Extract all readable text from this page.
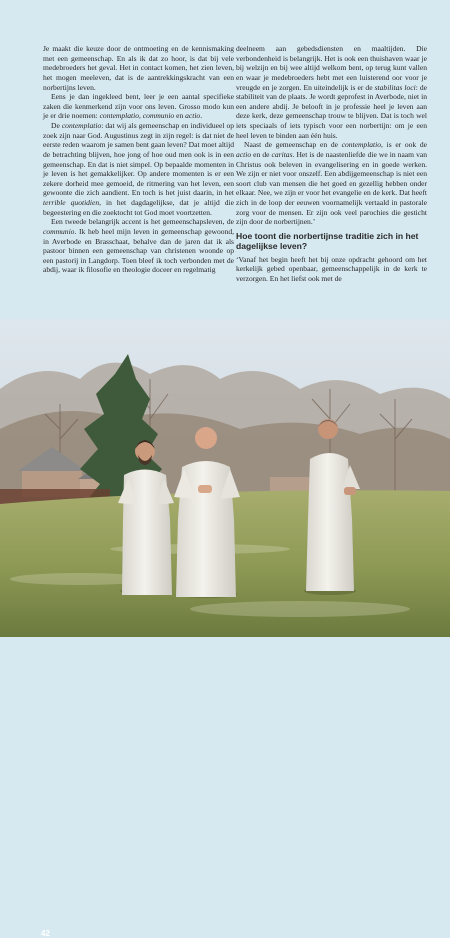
Je maakt die keuze door de ontmoeting en de kennismaking met een gemeenschap. En als ik dat zo hoor, is dat bij vele medebroeders het geval. Het in contact komen, het zien leven, het mogen meeleven, dat is de aantrekkingskracht van een norbertijns leven.

Eens je dan ingekleed bent, leer je een aantal specifieke zaken die kenmerkend zijn voor ons leven. Grosso modo kun je er drie noemen: contemplatio, communio en actio.

De contemplatio: dat wij als gemeenschap en individueel op zoek zijn naar God. Augustinus zegt in zijn regel: is dat niet de eerste reden waarom je samen bent gaan leven? Dat moet altijd de betrachting blijven, hoe jong of hoe oud men ook is in een gemeenschap. En dat is niet simpel. Op bepaalde momenten in je leven is het gemakkelijker. Op andere momenten is er een zekere dorheid mee gemoeid, de ritmering van het leven, een gewoonte die zich aandient. En toch is het juist daarin, in het terrible quotidien, in het dagdagelijkse, dat je altijd die begeestering en die zoektocht tot God moet voortzetten.

Een tweede belangrijk accent is het gemeenschapsleven, de communio. Ik heb heel mijn leven in gemeenschap gewoond, in Averbode en Brasschaat, behalve dan de jaren dat ik als pastoor binnen een gemeenschap van christenen woonde op een pastorij in Langdorp. Toen bleef ik toch verbonden met de abdij, waar ik filosofie en theologie doceer en regelmatig

deelneem aan gebedsdiensten en maaltijden. Die verbondenheid is belangrijk. Het is ook een thuishaven waar je bij welzijn en bij wee altijd welkom bent, op terug kunt vallen en waar je medebroeders hebt met een luisterend oor voor je vreugde en je zorgen. En uiteindelijk is er de stabilitas loci: de stabiliteit van de plaats. Je wordt geprofest in Averbode, niet in een andere abdij. Je belooft in je professie heel je leven aan deze kerk, deze gemeenschap trouw te blijven. Dat is toch wel iets speciaals of iets typisch voor een norbertijn: om je een heel leven te binden aan één huis.

Naast de gemeenschap en de contemplatio, is er ook de actio en de caritas. Het is de naastenliefde die we in naam van Christus ook beleven in evangelisering en in goede werken. We zijn er niet voor onszelf. Een abdijgemeenschap is niet een soort club van mensen die het goed en gezellig hebben onder elkaar. Nee, we zijn er voor het evangelie en de kerk. Dat heeft zich in de loop der eeuwen voornamelijk vertaald in pastorale zorg voor de mensen. Er zijn ook veel parochies die gesticht zijn door de norbertijnen.’

Hoe toont die norbertijnse traditie zich in het dagelijkse leven?

‘Vanaf het begin heeft het bij onze opdracht gehoord om het kerkelijk gebed openbaar, gemeenschappelijk in de kerk te verzorgen. En het liefst ook met de

42
